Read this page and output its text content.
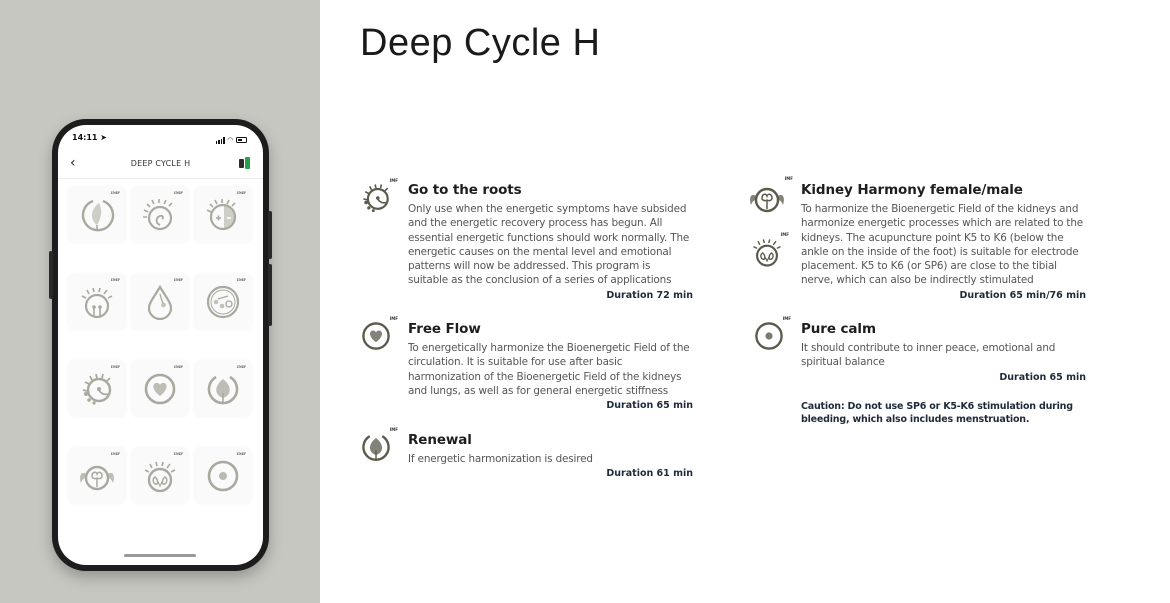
14:11 ➤	◠
‹	DEEP CYCLE H
IMF	IMF	IMF
IMF	IMF	IMF
IMF	IMF	IMF
IMF	IMF	IMF
Deep Cycle H
IMF
Go to the roots
Only use when the energetic symptoms have subsided and the energetic recovery process has begun. All essential energetic functions should work normally. The energetic causes on the mental level and emotional patterns will now be addressed. This program is suitable as the conclusion of a series of applications
Duration 72 min
IMF
Free Flow
To energetically harmonize the Bioenergetic Field of the circulation. It is suitable for use after basic harmonization of the Bioenergetic Field of the kidneys and lungs, as well as for general energetic stiffness
Duration 65 min
IMF
Renewal
If energetic harmonization is desired
Duration 61 min
IMF
IMF
Kidney Harmony female/male
To harmonize the Bioenergetic Field of the kidneys and harmonize energetic processes which are related to the kidneys. The acupuncture point K5 to K6 (below the ankle on the inside of the foot) is suitable for electrode placement. K5 to K6 (or SP6) are close to the tibial nerve, which can also be indirectly stimulated
Duration 65 min/76 min
IMF
Pure calm
It should contribute to inner peace, emotional and spiritual balance
Duration 65 min
Caution: Do not use SP6 or K5-K6 stimulation during bleeding, which also includes menstruation.
